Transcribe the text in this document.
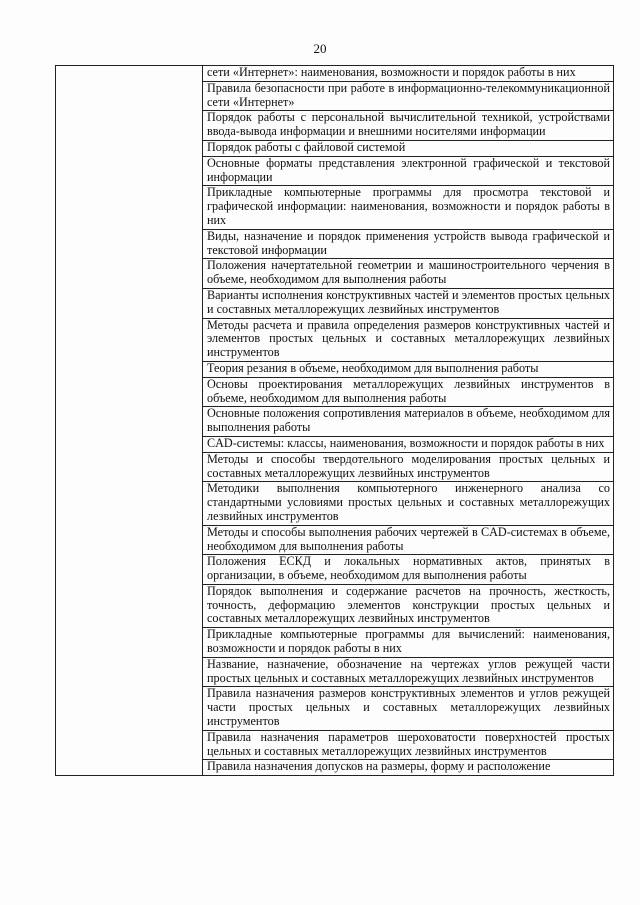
20

сети «Интернет»: наименования, возможности и порядок работы в них

Правила безопасности при работе в информационно-телекоммуникационной сети «Интернет»

Порядок работы с персональной вычислительной техникой, устройствами ввода-вывода информации и внешними носителями информации

Порядок работы с файловой системой

Основные форматы представления электронной графической и текстовой информации

Прикладные компьютерные программы для просмотра текстовой и графической информации: наименования, возможности и порядок работы в них

Виды, назначение и порядок применения устройств вывода графической и текстовой информации

Положения начертательной геометрии и машиностроительного черчения в объеме, необходимом для выполнения работы

Варианты исполнения конструктивных частей и элементов простых цельных и составных металлорежущих лезвийных инструментов

Методы расчета и правила определения размеров конструктивных частей и элементов простых цельных и составных металлорежущих лезвийных инструментов

Теория резания в объеме, необходимом для выполнения работы

Основы проектирования металлорежущих лезвийных инструментов в объеме, необходимом для выполнения работы

Основные положения сопротивления материалов в объеме, необходимом для выполнения работы

CAD-системы: классы, наименования, возможности и порядок работы в них

Методы и способы твердотельного моделирования простых цельных и составных металлорежущих лезвийных инструментов

Методики выполнения компьютерного инженерного анализа со стандартными условиями простых цельных и составных металлорежущих лезвийных инструментов

Методы и способы выполнения рабочих чертежей в CAD-системах в объеме, необходимом для выполнения работы

Положения ЕСКД и локальных нормативных актов, принятых в организации, в объеме, необходимом для выполнения работы

Порядок выполнения и содержание расчетов на прочность, жесткость, точность, деформацию элементов конструкции простых цельных и составных металлорежущих лезвийных инструментов

Прикладные компьютерные программы для вычислений: наименования, возможности и порядок работы в них

Название, назначение, обозначение на чертежах углов режущей части простых цельных и составных металлорежущих лезвийных инструментов

Правила назначения размеров конструктивных элементов и углов режущей части простых цельных и составных металлорежущих лезвийных инструментов

Правила назначения параметров шероховатости поверхностей простых цельных и составных металлорежущих лезвийных инструментов

Правила назначения допусков на размеры, форму и расположение
